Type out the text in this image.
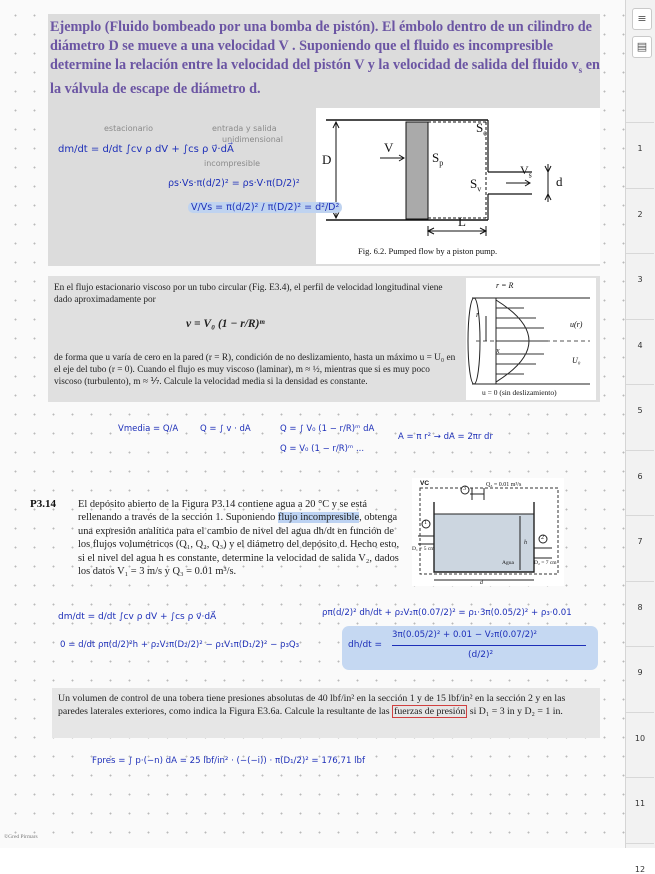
Ejemplo (Fluido bombeado por una bomba de pistón). El émbolo dentro de un cilindro de diámetro D se mueve a una velocidad V . Suponiendo que el fluido es incompresible determine la relación entre la velocidad del pistón V y la velocidad de salida del fluido $v_s$ en la válvula de escape de diámetro d.
$S_e$
$S_p$
$S_v$
$V_s$
D
V
d
L
Fig. 6.2. Pumped flow by a piston pump.
estacionario	entrada y salida
unidimensional
incompresible
dm/dt = d/dt ∫cv ρ dV + ∫cs ρ v⃗·dA⃗
ρs·Vs·π(d/2)² = ρs·V·π(D/2)²
V/Vs = π(d/2)² / π(D/2)² = d²/D²
En el flujo estacionario viscoso por un tubo circular (Fig. E3.4), el perfil de velocidad longitudinal viene dado aproximadamente por
v = V₀ (1 − r/R)ᵐ
de forma que u varía de cero en la pared (r = R), condición de no deslizamiento, hasta un máximo u = U₀ en el eje del tubo (r = 0). Cuando el flujo es muy viscoso (laminar), m ≈ ½, mientras que si es muy poco viscoso (turbulento), m ≈ ⅐. Calcule la velocidad media si la densidad es constante.
r = R
r
x
u(r)
U₀
u = 0 (sin deslizamiento)
Vmedia = Q/A	Q = ∫ v · dA	Q = ∫ V₀ (1 − r/R)ᵐ dA
Q = V₀ (1 − r/R)ᵐ ...
A = π r² → dA = 2πr dr
P3.14 El depósito abierto de la Figura P3.14 contiene agua a 20 °C y se está rellenando a través de la sección 1. Suponiendo flujo incompresible, obtenga una expresión analítica para el cambio de nivel del agua dh/dt en función de los flujos volumétricos (Q₁, Q₂, Q₃) y el diámetro del depósito d. Hecho esto, si el nivel del agua h es constante, determine la velocidad de salida V₂, dados los datos V₁ = 3 m/s y Q₃ = 0.01 m³/s.
VC	Q₃ = 0.01 m³/s
D₁ = 5 cm
Agua	D₂ = 7 cm
h
d
1
2
3
dm/dt = d/dt ∫cv ρ dV + ∫cs ρ v⃗·dA⃗
0 = d/dt ρπ(d/2)²h + ρ₂V₂π(D₂/2)² − ρ₁V₁π(D₁/2)² − ρ₃Q₃
ρπ(d/2)² dh/dt + ρ₂V₂π(0.07/2)² = ρ₁·3π(0.05/2)² + ρ₃·0.01
dh/dt =
3π(0.05/2)² + 0.01 − V₂π(0.07/2)²
(d/2)²
Un volumen de control de una tobera tiene presiones absolutas de 40 lbf/in² en la sección 1 y de 15 lbf/in² en la sección 2 y en las paredes laterales exteriores, como indica la Figura E3.6a. Calcule la resultante de las fuerzas de presión si D₁ = 3 in y D₂ = 1 in.
Fpres = ∫ p·(−n) dA = 25 lbf/in² · (−(−i)) · π(D₁/2)² = 176,71 lbf
©Gred Pirmars
≡
▤
1
2
3
4
5
6
7
8
9
10
11
12
